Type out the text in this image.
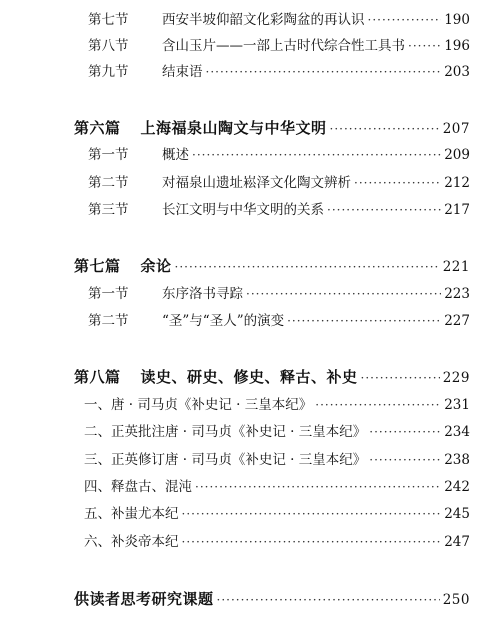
第七节	西安半坡仰韶文化彩陶盆的再认识 ·····	190
第八节	含山玉片——一部上古时代综合性工具书 ·····	196
第九节	结束语 ·····	203
第六篇 上海福泉山陶文与中华文明 ·····	207
第一节	概述 ·····	209
第二节	对福泉山遗址崧泽文化陶文辨析 ·····	212
第三节	长江文明与中华文明的关系 ·····	217
第七篇 余论 ·····	221
第一节	东序洛书寻踪 ·····	223
第二节	“圣”与“圣人”的演变 ·····	227
第八篇 读史、研史、修史、释古、补史 ·····	229
一、唐 · 司马贞《补史记 · 三皇本纪》 ·····	231
二、正英批注唐 · 司马贞《补史记 · 三皇本纪》 ·····	234
三、正英修订唐 · 司马贞《补史记 · 三皇本纪》 ·····	238
四、释盘古、混沌 ·····	242
五、补蚩尤本纪 ·····	245
六、补炎帝本纪 ·····	247
供读者思考研究课题 ·····	250
